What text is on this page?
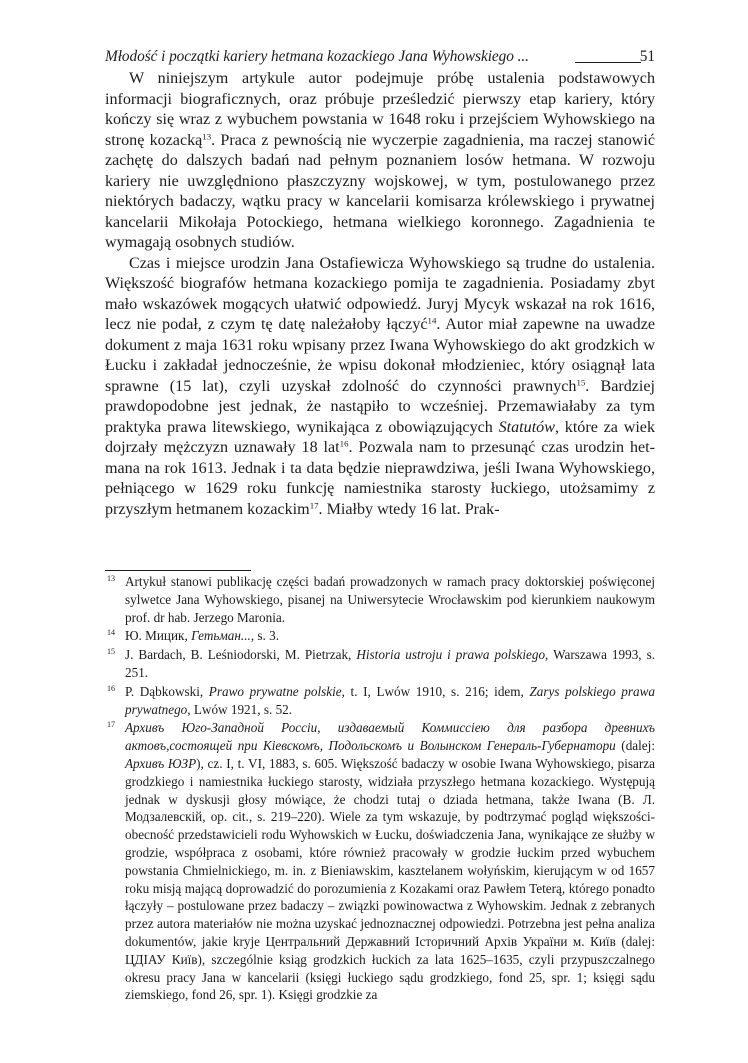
Młodość i początki kariery hetmana kozackiego Jana Wyhowskiego ...	51

W niniejszym artykule autor podejmuje próbę ustalenia podstawowych informacji biograficznych, oraz próbuje prześledzić pierwszy etap kariery, który kończy się wraz z wybuchem powstania w 1648 roku i przejściem Wyhowskiego na stronę kozacką$^{13}$. Praca z pewnością nie wyczerpie zagadnienia, ma raczej stanowić zachętę do dalszych badań nad pełnym poznaniem losów hetmana. W rozwoju kariery nie uwzględniono płaszczyzny wojskowej, w tym, postulowanego przez niektórych badaczy, wątku pracy w kancelarii komisarza królewskiego i prywatnej kancelarii Mikołaja Potockiego, hetmana wielkiego koronnego. Zagadnienia te wymagają osobnych studiów.

Czas i miejsce urodzin Jana Ostafiewicza Wyhowskiego są trudne do ustalenia. Większość biografów hetmana kozackiego pomija te zagadnienia. Posiadamy zbyt mało wskazówek mogących ułatwić odpowiedź. Juryj Mycyk wskazał na rok 1616, lecz nie podał, z czym tę datę należałoby łączyć$^{14}$. Autor miał zapewne na uwadze dokument z maja 1631 roku wpisany przez Iwana Wyhowskiego do akt grodzkich w Łucku i zakładał jednocześnie, że wpisu dokonał młodzieniec, który osiągnął lata sprawne (15 lat), czyli uzyskał zdolność do czynności prawnych$^{15}$. Bardziej prawdopodobne jest jednak, że nastąpiło to wcześniej. Przemawiałaby za tym praktyka prawa litewskiego, wynikająca z obowiązujących Statutów, które za wiek dojrzały mężczyzn uznawały 18 lat$^{16}$. Pozwala nam to przesunąć czas urodzin hetmana na rok 1613. Jednak i ta data będzie nieprawdziwa, jeśli Iwana Wyhowskiego, pełniącego w 1629 roku funkcję namiestnika starosty łuckiego, utożsamimy z przyszłym hetmanem kozackim$^{17}$. Miałby wtedy 16 lat. Prak-

13 Artykuł stanowi publikację części badań prowadzonych w ramach pracy doktorskiej poświęconej sylwetce Jana Wyhowskiego, pisanej na Uniwersytecie Wrocławskim pod kierunkiem naukowym prof. dr hab. Jerzego Maronia.

14 Ю. Мицик, Гетьман..., s. 3.

15 J. Bardach, B. Leśniodorski, M. Pietrzak, Historia ustroju i prawa polskiego, Warszawa 1993, s. 251.

16 P. Dąbkowski, Prawo prywatne polskie, t. I, Lwów 1910, s. 216; idem, Zarys polskiego prawa prywatnego, Lwów 1921, s. 52.

17 Архивъ Юго-Западной Россіи, издаваемый Коммиссіею для разбора древнихъ актовъ,состоящей при Кіевскомъ, Подольскомъ и Волынском Генераль-Губернатори (dalej: Архивъ ЮЗР), cz. I, t. VI, 1883, s. 605. Większość badaczy w osobie Iwana Wyhowskiego, pisarza grodzkiego i namiestnika łuckiego starosty, widziała przyszłego hetmana kozackiego. Występują jednak w dyskusji głosy mówiące, że chodzi tutaj o dziada hetmana, także Iwana (В. Л. Модзалевскій, op. cit., s. 219–220). Wiele za tym wskazuje, by podtrzymać pogląd większości- obecność przedstawicieli rodu Wyhowskich w Łucku, doświadczenia Jana, wynikające ze służby w grodzie, współpraca z osobami, które również pracowały w grodzie łuckim przed wybuchem powstania Chmielnickiego, m. in. z Bieniawskim, kasztelanem wołyńskim, kierującym w od 1657 roku misją mającą doprowadzić do porozumienia z Kozakami oraz Pawłem Teterą, którego ponadto łączyły – postulowane przez badaczy – związki powinowactwa z Wyhowskim. Jednak z zebranych przez autora materiałów nie można uzyskać jednoznacznej odpowiedzi. Potrzebna jest pełna analiza dokumentów, jakie kryje Центральний Державний Історичний Архів України м. Київ (dalej: ЦДІАУ Київ), szczególnie ksiąg grodzkich łuckich za lata 1625–1635, czyli przypuszczalnego okresu pracy Jana w kancelarii (księgi łuckiego sądu grodzkiego, fond 25, spr. 1; księgi sądu ziemskiego, fond 26, spr. 1). Księgi grodzkie za
